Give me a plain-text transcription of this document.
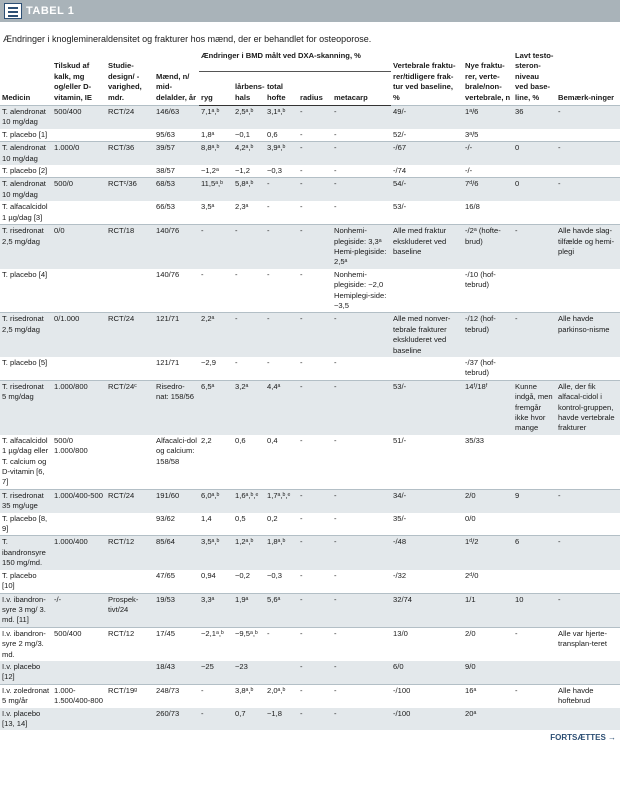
TABEL 1
Ændringer i knoglemineraldensitet og frakturer hos mænd, der er behandlet for osteoporose.
Medicin	Tilskud af kalk, mg og/eller D-vitamin, IE	Studie-design/ -varighed, mdr.	Mænd, n/ mid-delalder, år	Ændringer i BMD målt ved DXA-skanning, %					Vertebrale fraktu-rer/tidligere frak-tur ved baseline, %	Nye fraktu-rer, verte-brale/non-vertebrale, n	Lavt testo-steron-niveau ved base-line, %	Bemærk-ninger
				ryg	lårbens-hals	total hofte	radius	metacarp				
T. alendronat 10 mg/dag	500/400	RCT/24	146/63	7,1ᵃ,ᵇ	2,5ᵃ,ᵇ	3,1ᵃ,ᵇ	-	-	49/-	1ᵃ/6	36	-
T. placebo [1]			95/63	1,8ᵃ	−0,1	0,6	-	-	52/-	3ᵃ/5		
T. alendronat 10 mg/dag	1.000/0	RCT/36	39/57	8,8ᵃ,ᵇ	4,2ᵃ,ᵇ	3,9ᵃ,ᵇ	-	-	-/67	-/-	0	-
T. placebo [2]			38/57	−1,2ᵃ	−1,2	−0,3	-	-	-/74	-/-		
T. alendronat 10 mg/dag	500/0	RCTᶜ/36	68/53	11,5ᵃ,ᵇ	5,8ᵃ,ᵇ	-	-	-	54/-	7ᵈ/6	0	-
T. alfacalcidol 1 µg/dag [3]			66/53	3,5ᵃ	2,3ᵃ	-	-	-	53/-	16/8		
T. risedronat 2,5 mg/dag	0/0	RCT/18	140/76	-	-	-	-	Nonhemi-plegiside: 3,3ᵃ Hemi-plegiside: 2,5ᵃ	Alle med fraktur ekskluderet ved baseline	-/2ᵃ (hofte-brud)	-	Alle havde slag-tilfælde og hemi-plegi
T. placebo [4]			140/76	-	-	-	-	Nonhemi-plegiside: −2,0 Hemiplegi-side: −3,5		-/10 (hof-tebrud)		
T. risedronat 2,5 mg/dag	0/1.000	RCT/24	121/71	2,2ᵃ	-	-	-	-	Alle med nonver-tebrale frakturer ekskluderet ved baseline	-/12 (hof-tebrud)	-	Alle havde parkinso-nisme
T. placebo [5]			121/71	−2,9	-	-	-	-		-/37 (hof-tebrud)		
T. risedronat 5 mg/dag	1.000/800	RCT/24ᶜ	Risedro-nat: 158/56	6,5ᵃ	3,2ᵃ	4,4ᵃ	-	-	53/-	14ᶠ/18ᶠ	Kunne indgå, men fremgår ikke hvor mange	Alle, der fik alfacal-cidol i kontrol-gruppen, havde vertebrale frakturer
T. alfacalcidol 1 µg/dag eller T. calcium og D-vitamin [6, 7]	500/0 1.000/800		Alfacalci-dol og calcium: 158/58	2,2	0,6	0,4	-	-	51/-	35/33		
T. risedronat 35 mg/uge	1.000/400-500	RCT/24	191/60	6,0ᵃ,ᵇ	1,6ᵃ,ᵇ,ᵉ	1,7ᵃ,ᵇ,ᵉ	-	-	34/-	2/0	9	-
T. placebo [8, 9]			93/62	1,4	0,5	0,2	-	-	35/-	0/0		
T. ibandronsyre 150 mg/md.	1.000/400	RCT/12	85/64	3,5ᵃ,ᵇ	1,2ᵃ,ᵇ	1,8ᵃ,ᵇ	-	-	-/48	1ᵈ/2	6	-
T. placebo [10]			47/65	0,94	−0,2	−0,3	-	-	-/32	2ᵈ/0		
I.v. ibandron-syre 3 mg/ 3. md. [11]	-/-	Prospek-tivt/24	19/53	3,3ᵃ	1,9ᵃ	5,6ᵃ	-	-	32/74	1/1	10	-
I.v. ibandron-syre 2 mg/3. md.	500/400	RCT/12	17/45	−2,1ᵃ,ᵇ	−9,5ᵃ,ᵇ	-	-	-	13/0	2/0	-	Alle var hjerte-transplan-teret
I.v. placebo [12]			18/43	−25	−23		-	-	6/0	9/0		
I.v. zoledronat 5 mg/år	1.000-1.500/400-800	RCT/19ᵍ	248/73	-	3,8ᵃ,ᵇ	2,0ᵃ,ᵇ	-	-	-/100	16ᵃ	-	Alle havde hoftebrud
I.v. placebo [13, 14]			260/73	-	0,7	−1,8	-	-	-/100	20ᵃ		
FORTSÆTTES →
